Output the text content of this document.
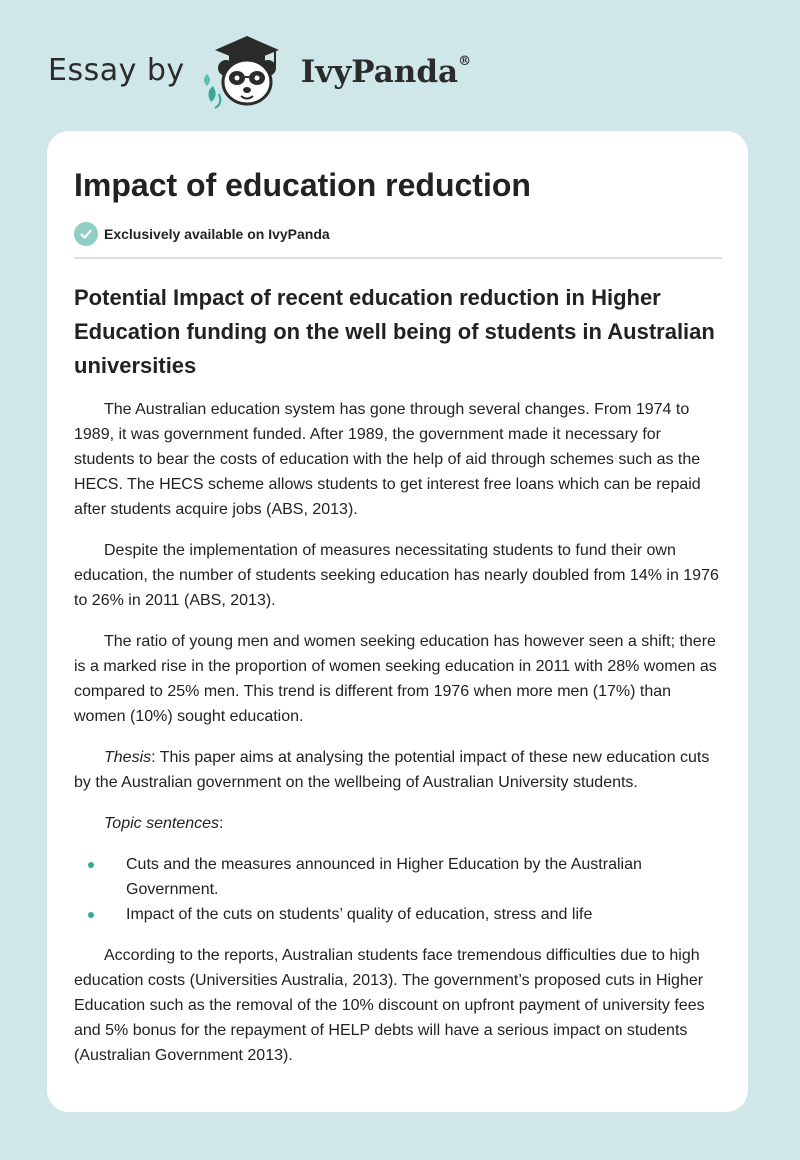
Essay by	IvyPanda®
Impact of education reduction
Exclusively available on IvyPanda
Potential Impact of recent education reduction in Higher Education funding on the well being of students in Australian universities

The Australian education system has gone through several changes. From 1974 to 1989, it was government funded. After 1989, the government made it necessary for students to bear the costs of education with the help of aid through schemes such as the HECS. The HECS scheme allows students to get interest free loans which can be repaid after students acquire jobs (ABS, 2013).

Despite the implementation of measures necessitating students to fund their own education, the number of students seeking education has nearly doubled from 14% in 1976 to 26% in 2011 (ABS, 2013).

The ratio of young men and women seeking education has however seen a shift; there is a marked rise in the proportion of women seeking education in 2011 with 28% women as compared to 25% men. This trend is different from 1976 when more men (17%) than women (10%) sought education.

Thesis: This paper aims at analysing the potential impact of these new education cuts by the Australian government on the wellbeing of Australian University students.

Topic sentences:

Cuts and the measures announced in Higher Education by the Australian Government.
Impact of the cuts on students’ quality of education, stress and life

According to the reports, Australian students face tremendous difficulties due to high education costs (Universities Australia, 2013). The government’s proposed cuts in Higher Education such as the removal of the 10% discount on upfront payment of university fees and 5% bonus for the repayment of HELP debts will have a serious impact on students (Australian Government 2013).
